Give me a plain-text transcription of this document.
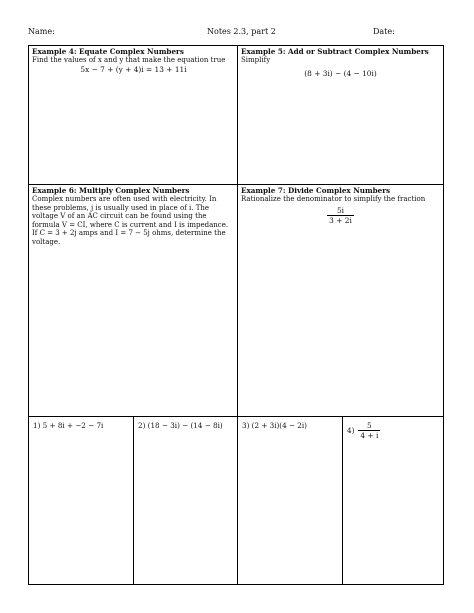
Name:	Notes 2.3, part 2	Date:
Example 4: Equate Complex Numbers
Find the values of x and y that make the equation true
5x − 7 + (y + 4)i = 13 + 11i
Example 5: Add or Subtract Complex Numbers
Simplify
(8 + 3i) − (4 − 10i)
Example 6: Multiply Complex Numbers
Complex numbers are often used with electricity. In these problems, j is usually used in place of i. The voltage V of an AC circuit can be found using the formula V = CI, where C is current and I is impedance. If C = 3 + 2j amps and I = 7 − 5j ohms, determine the voltage.
Example 7: Divide Complex Numbers
Rationalize the denominator to simplify the fraction
$\frac{5i}{3 + 2i}$
1) 5 + 8i + −2 − 7i	2) (18 − 3i) − (14 − 8i)	3) (2 + 3i)(4 − 2i)
$4) \frac{5}{4 + i}$
